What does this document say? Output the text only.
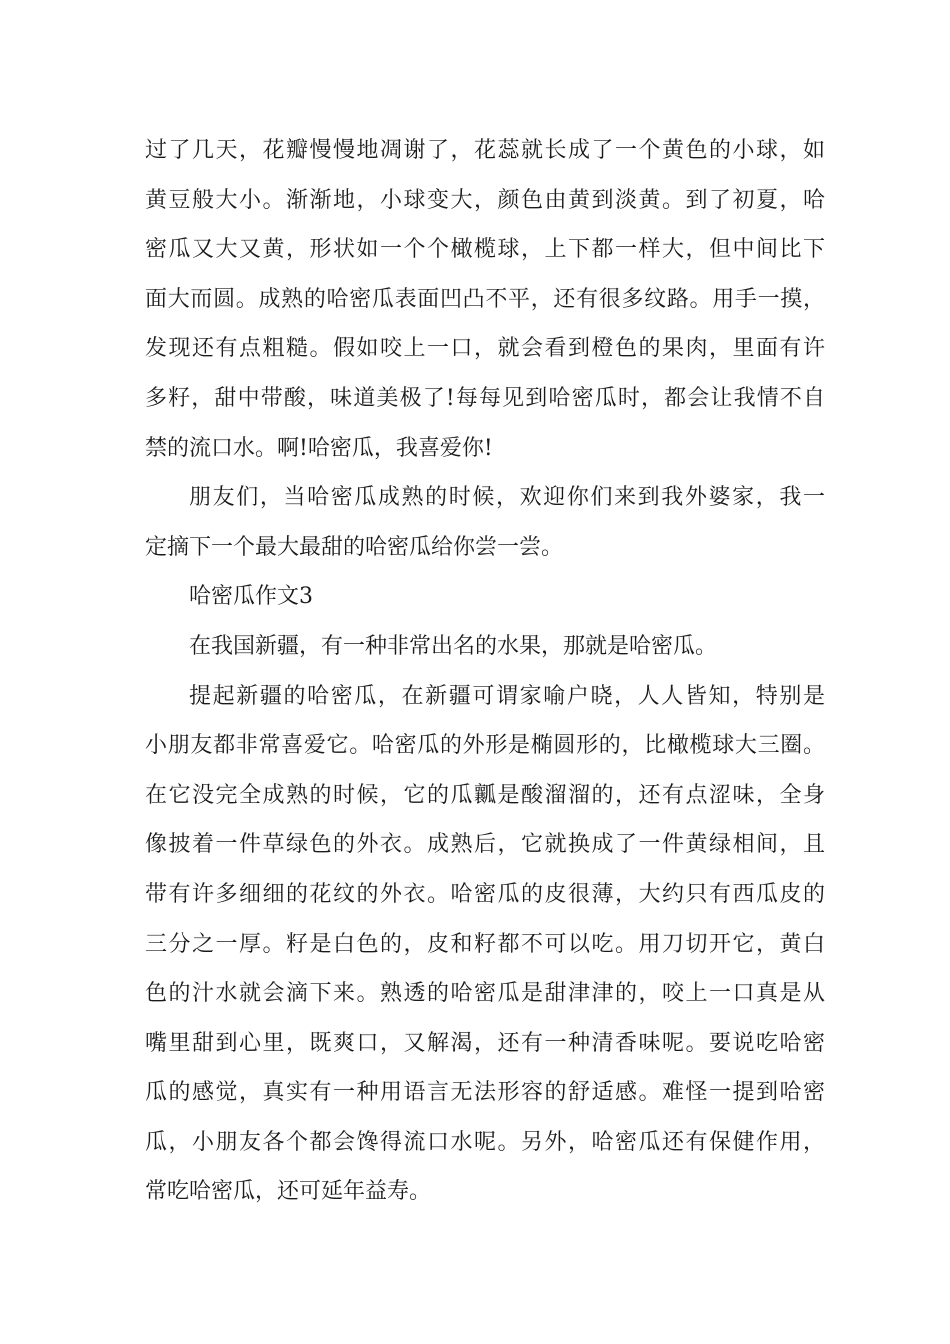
过了几天，花瓣慢慢地凋谢了，花蕊就长成了一个黄色的小球，如
黄豆般大小。渐渐地，小球变大，颜色由黄到淡黄。到了初夏，哈
密瓜又大又黄，形状如一个个橄榄球，上下都一样大，但中间比下
面大而圆。成熟的哈密瓜表面凹凸不平，还有很多纹路。用手一摸，
发现还有点粗糙。假如咬上一口，就会看到橙色的果肉，里面有许
多籽，甜中带酸，味道美极了!每每见到哈密瓜时，都会让我情不自
禁的流口水。啊!哈密瓜，我喜爱你!
朋友们，当哈密瓜成熟的时候，欢迎你们来到我外婆家，我一
定摘下一个最大最甜的哈密瓜给你尝一尝。
哈密瓜作文3
在我国新疆，有一种非常出名的水果，那就是哈密瓜。
提起新疆的哈密瓜，在新疆可谓家喻户晓，人人皆知，特别是
小朋友都非常喜爱它。哈密瓜的外形是椭圆形的，比橄榄球大三圈。
在它没完全成熟的时候，它的瓜瓤是酸溜溜的，还有点涩味，全身
像披着一件草绿色的外衣。成熟后，它就换成了一件黄绿相间，且
带有许多细细的花纹的外衣。哈密瓜的皮很薄，大约只有西瓜皮的
三分之一厚。籽是白色的，皮和籽都不可以吃。用刀切开它，黄白
色的汁水就会滴下来。熟透的哈密瓜是甜津津的，咬上一口真是从
嘴里甜到心里，既爽口，又解渴，还有一种清香味呢。要说吃哈密
瓜的感觉，真实有一种用语言无法形容的舒适感。难怪一提到哈密
瓜，小朋友各个都会馋得流口水呢。另外，哈密瓜还有保健作用，
常吃哈密瓜，还可延年益寿。
